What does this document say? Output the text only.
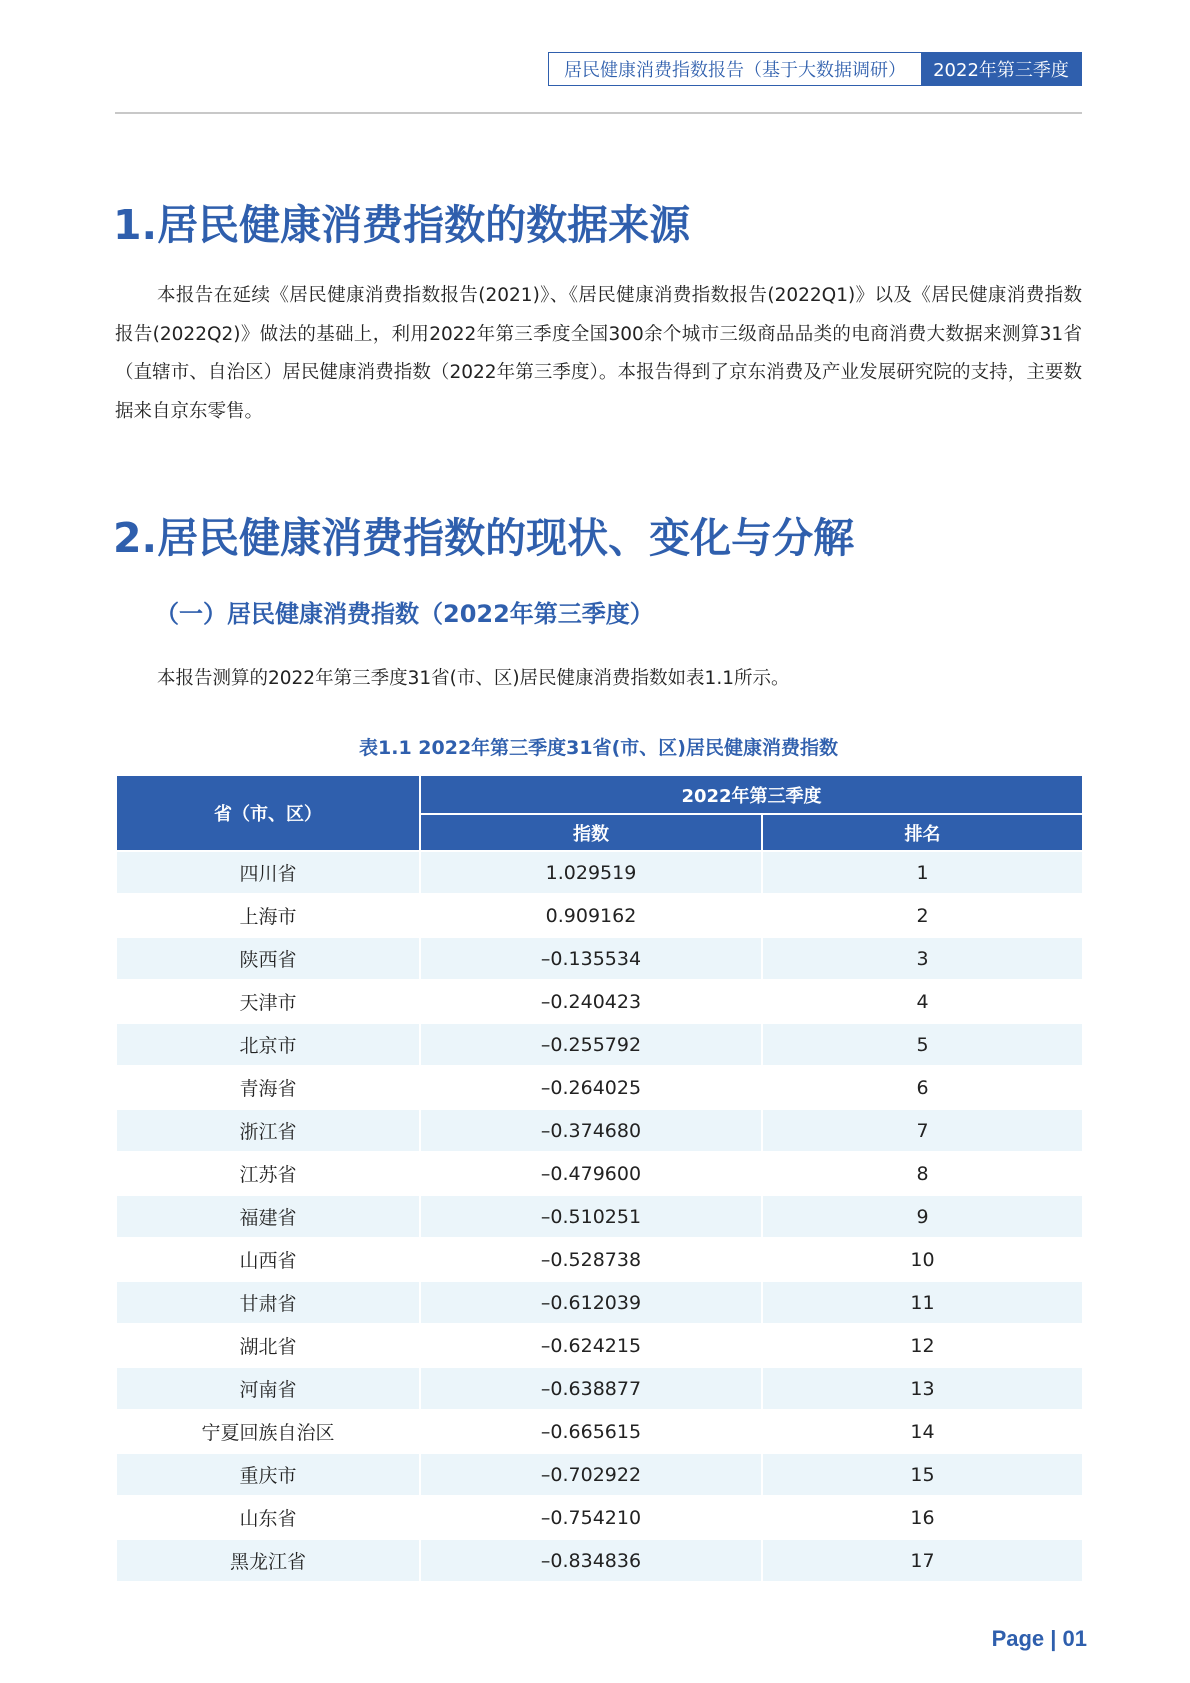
居民健康消费指数报告（基于大数据调研）	2022年第三季度
1.居民健康消费指数的数据来源

本报告在延续《居民健康消费指数报告(2021)》、《居民健康消费指数报告(2022Q1)》以及《居民健康消费指数报告(2022Q2)》做法的基础上，利用2022年第三季度全国300余个城市三级商品品类的电商消费大数据来测算31省（直辖市、自治区）居民健康消费指数（2022年第三季度）。本报告得到了京东消费及产业发展研究院的支持，主要数据来自京东零售。

2.居民健康消费指数的现状、变化与分解
（一）居民健康消费指数（2022年第三季度）

本报告测算的2022年第三季度31省(市、区)居民健康消费指数如表1.1所示。

表1.1 2022年第三季度31省(市、区)居民健康消费指数
省（市、区）	2022年第三季度	
	指数	排名
四川省	1.029519	1
上海市	0.909162	2
陕西省	–0.135534	3
天津市	–0.240423	4
北京市	–0.255792	5
青海省	–0.264025	6
浙江省	–0.374680	7
江苏省	–0.479600	8
福建省	–0.510251	9
山西省	–0.528738	10
甘肃省	–0.612039	11
湖北省	–0.624215	12
河南省	–0.638877	13
宁夏回族自治区	–0.665615	14
重庆市	–0.702922	15
山东省	–0.754210	16
黑龙江省	–0.834836	17
Page | 01
